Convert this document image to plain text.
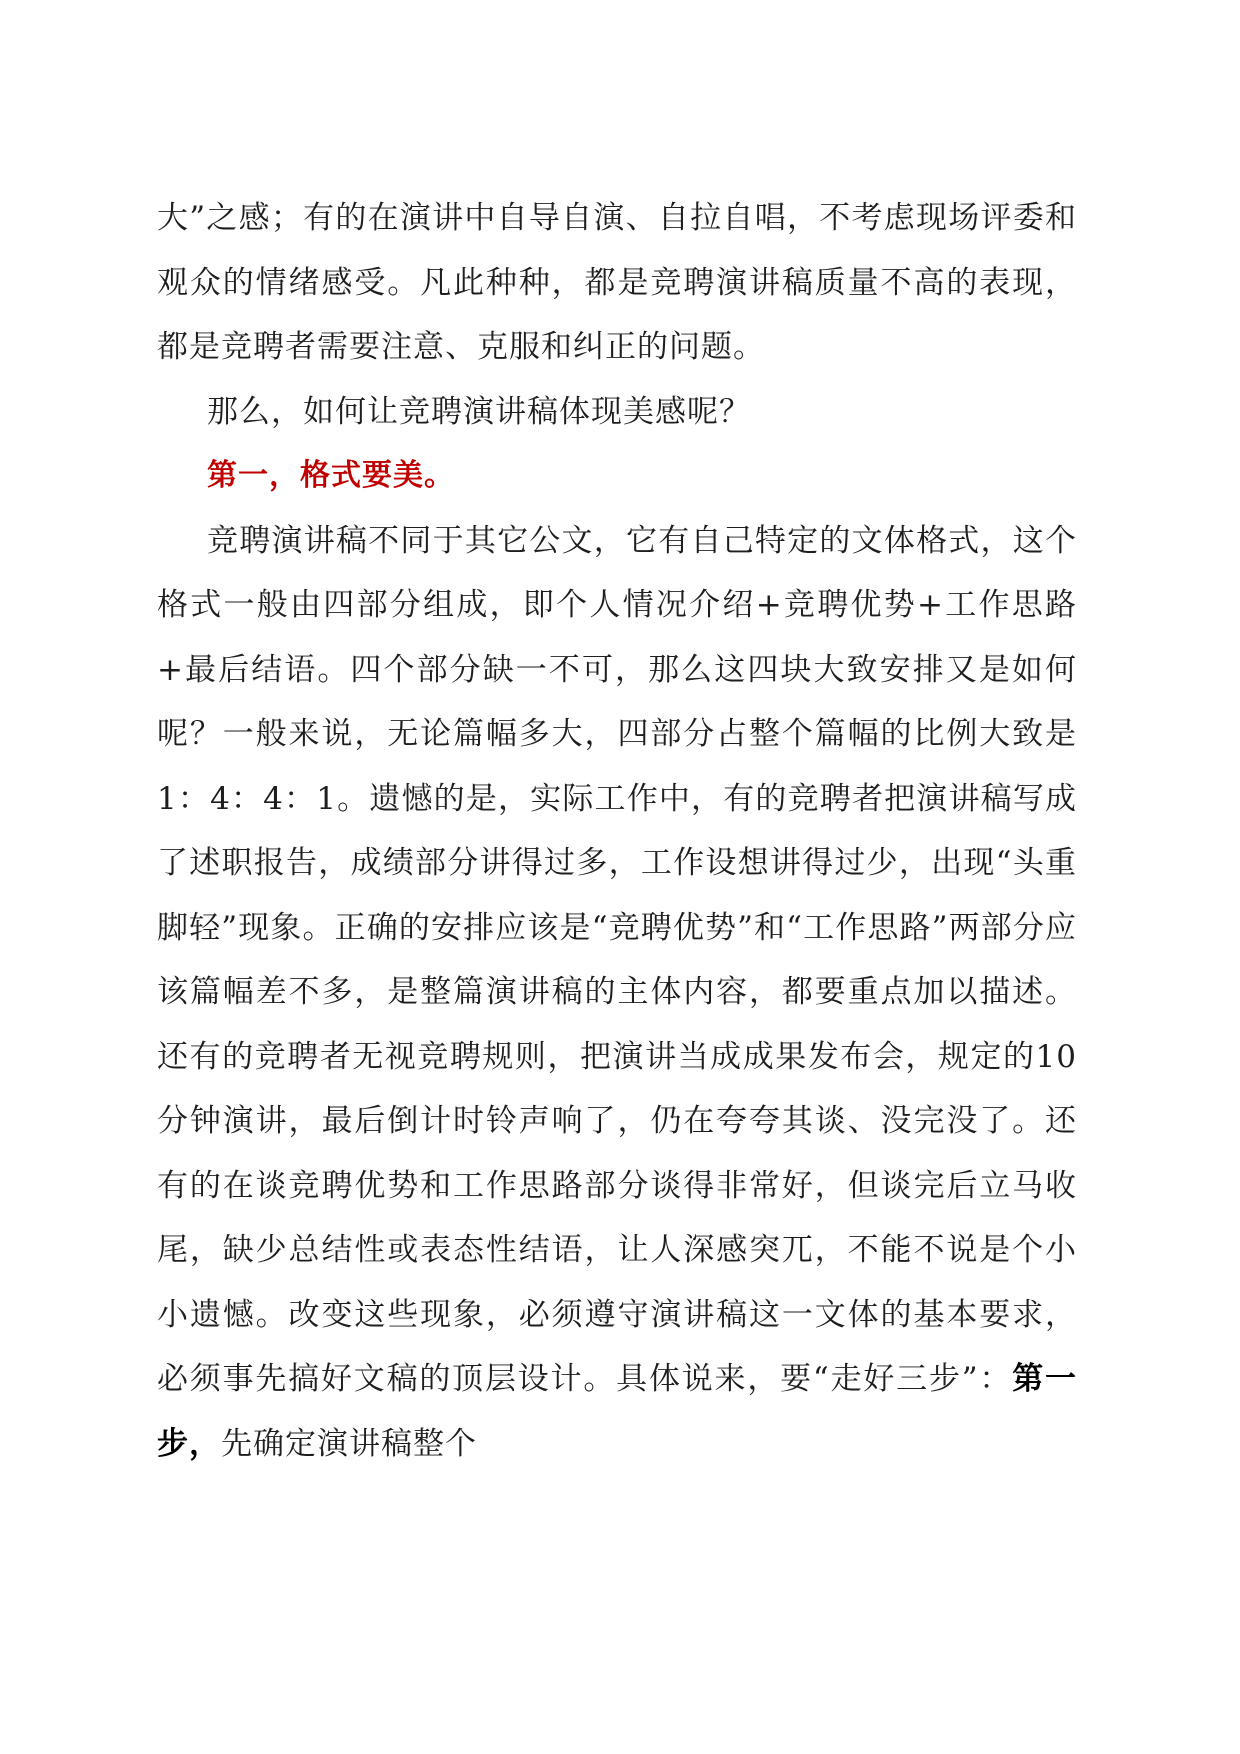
大”之感；有的在演讲中自导自演、自拉自唱，不考虑现场评委和观众的情绪感受。凡此种种，都是竞聘演讲稿质量不高的表现，都是竞聘者需要注意、克服和纠正的问题。

那么，如何让竞聘演讲稿体现美感呢？

第一，格式要美。

竞聘演讲稿不同于其它公文，它有自己特定的文体格式，这个格式一般由四部分组成，即个人情况介绍+竞聘优势+工作思路+最后结语。四个部分缺一不可，那么这四块大致安排又是如何呢？一般来说，无论篇幅多大，四部分占整个篇幅的比例大致是1：4：4：1。遗憾的是，实际工作中，有的竞聘者把演讲稿写成了述职报告，成绩部分讲得过多，工作设想讲得过少，出现“头重脚轻”现象。正确的安排应该是“竞聘优势”和“工作思路”两部分应该篇幅差不多，是整篇演讲稿的主体内容，都要重点加以描述。还有的竞聘者无视竞聘规则，把演讲当成成果发布会，规定的10分钟演讲，最后倒计时铃声响了，仍在夸夸其谈、没完没了。还有的在谈竞聘优势和工作思路部分谈得非常好，但谈完后立马收尾，缺少总结性或表态性结语，让人深感突兀，不能不说是个小小遗憾。改变这些现象，必须遵守演讲稿这一文体的基本要求，必须事先搞好文稿的顶层设计。具体说来，要“走好三步”：第一步，先确定演讲稿整个
